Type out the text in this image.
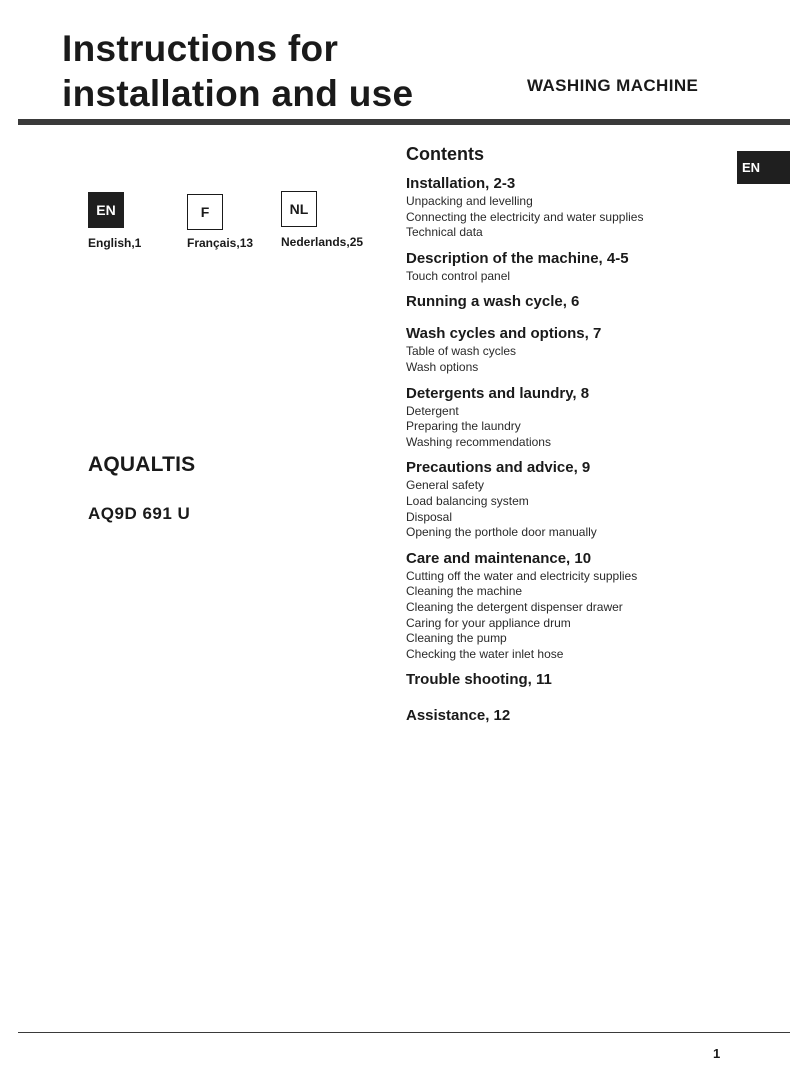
Instructions for
installation and use	WASHING MACHINE
EN
EN
English,1
F
Français,13
NL
Nederlands,25
AQUALTIS
AQ9D 691 U
Contents
Installation, 2-3
Unpacking and levelling
Connecting the electricity and water supplies
Technical data
Description of the machine, 4-5
Touch control panel
Running a wash cycle, 6
Wash cycles and options, 7
Table of wash cycles
Wash options
Detergents and laundry, 8
Detergent
Preparing the laundry
Washing recommendations
Precautions and advice, 9
General safety
Load balancing system
Disposal
Opening the porthole door manually
Care and maintenance, 10
Cutting off the water and electricity supplies
Cleaning the machine
Cleaning the detergent dispenser drawer
Caring for your appliance drum
Cleaning the pump
Checking the water inlet hose
Trouble shooting, 11
Assistance, 12
1
